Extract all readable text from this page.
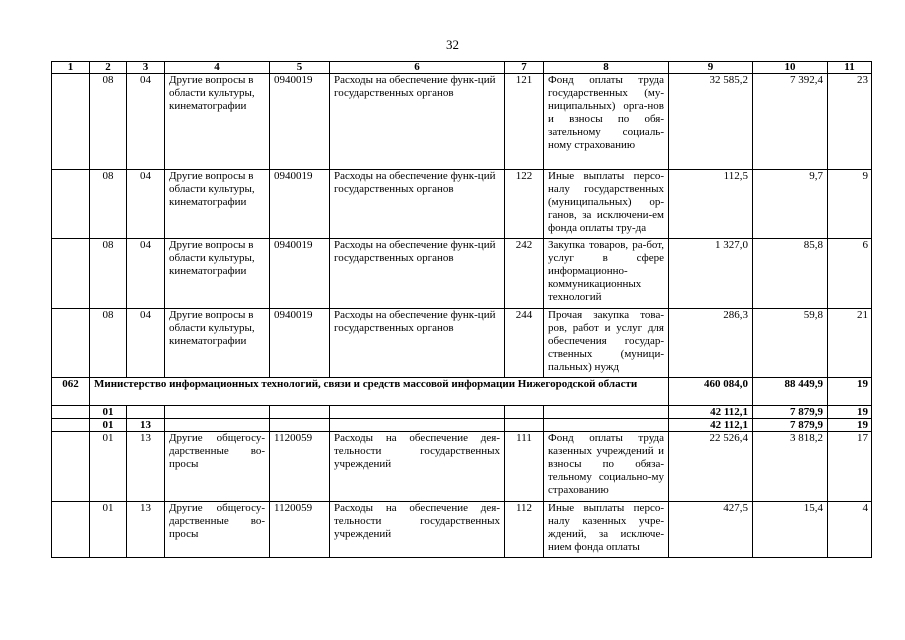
32
1	2	3	4	5	6	7	8	9	10	11
	08	04	Другие вопросы в области культуры, кинематографии	0940019	Расходы на обеспечение функ-ций государственных органов	121	Фонд оплаты труда государственных (му-ниципальных) орга-нов и взносы по обя-зательному социаль-ному страхованию	32 585,2	7 392,4	23
	08	04	Другие вопросы в области культуры, кинематографии	0940019	Расходы на обеспечение функ-ций государственных органов	122	Иные выплаты персо-налу государственных (муниципальных) ор-ганов, за исключени-ем фонда оплаты тру-да	112,5	9,7	9
	08	04	Другие вопросы в области культуры, кинематографии	0940019	Расходы на обеспечение функ-ций государственных органов	242	Закупка товаров, ра-бот, услуг в сфере информационно-коммуникационных технологий	1 327,0	85,8	6
	08	04	Другие вопросы в области культуры, кинематографии	0940019	Расходы на обеспечение функ-ций государственных органов	244	Прочая закупка това-ров, работ и услуг для обеспечения государ-ственных (муници-пальных) нужд	286,3	59,8	21
062	Министерство информационных технологий, связи и средств массовой информации Нижегородской области							460 084,0	88 449,9	19
	01							42 112,1	7 879,9	19
	01	13						42 112,1	7 879,9	19
	01	13	Другие общегосу-дарственные во-просы	1120059	Расходы на обеспечение дея-тельности государственных учреждений	111	Фонд оплаты труда казенных учреждений и взносы по обяза-тельному социально-му страхованию	22 526,4	3 818,2	17
	01	13	Другие общегосу-дарственные во-просы	1120059	Расходы на обеспечение дея-тельности государственных учреждений	112	Иные выплаты персо-налу казенных учре-ждений, за исключе-нием фонда оплаты	427,5	15,4	4
